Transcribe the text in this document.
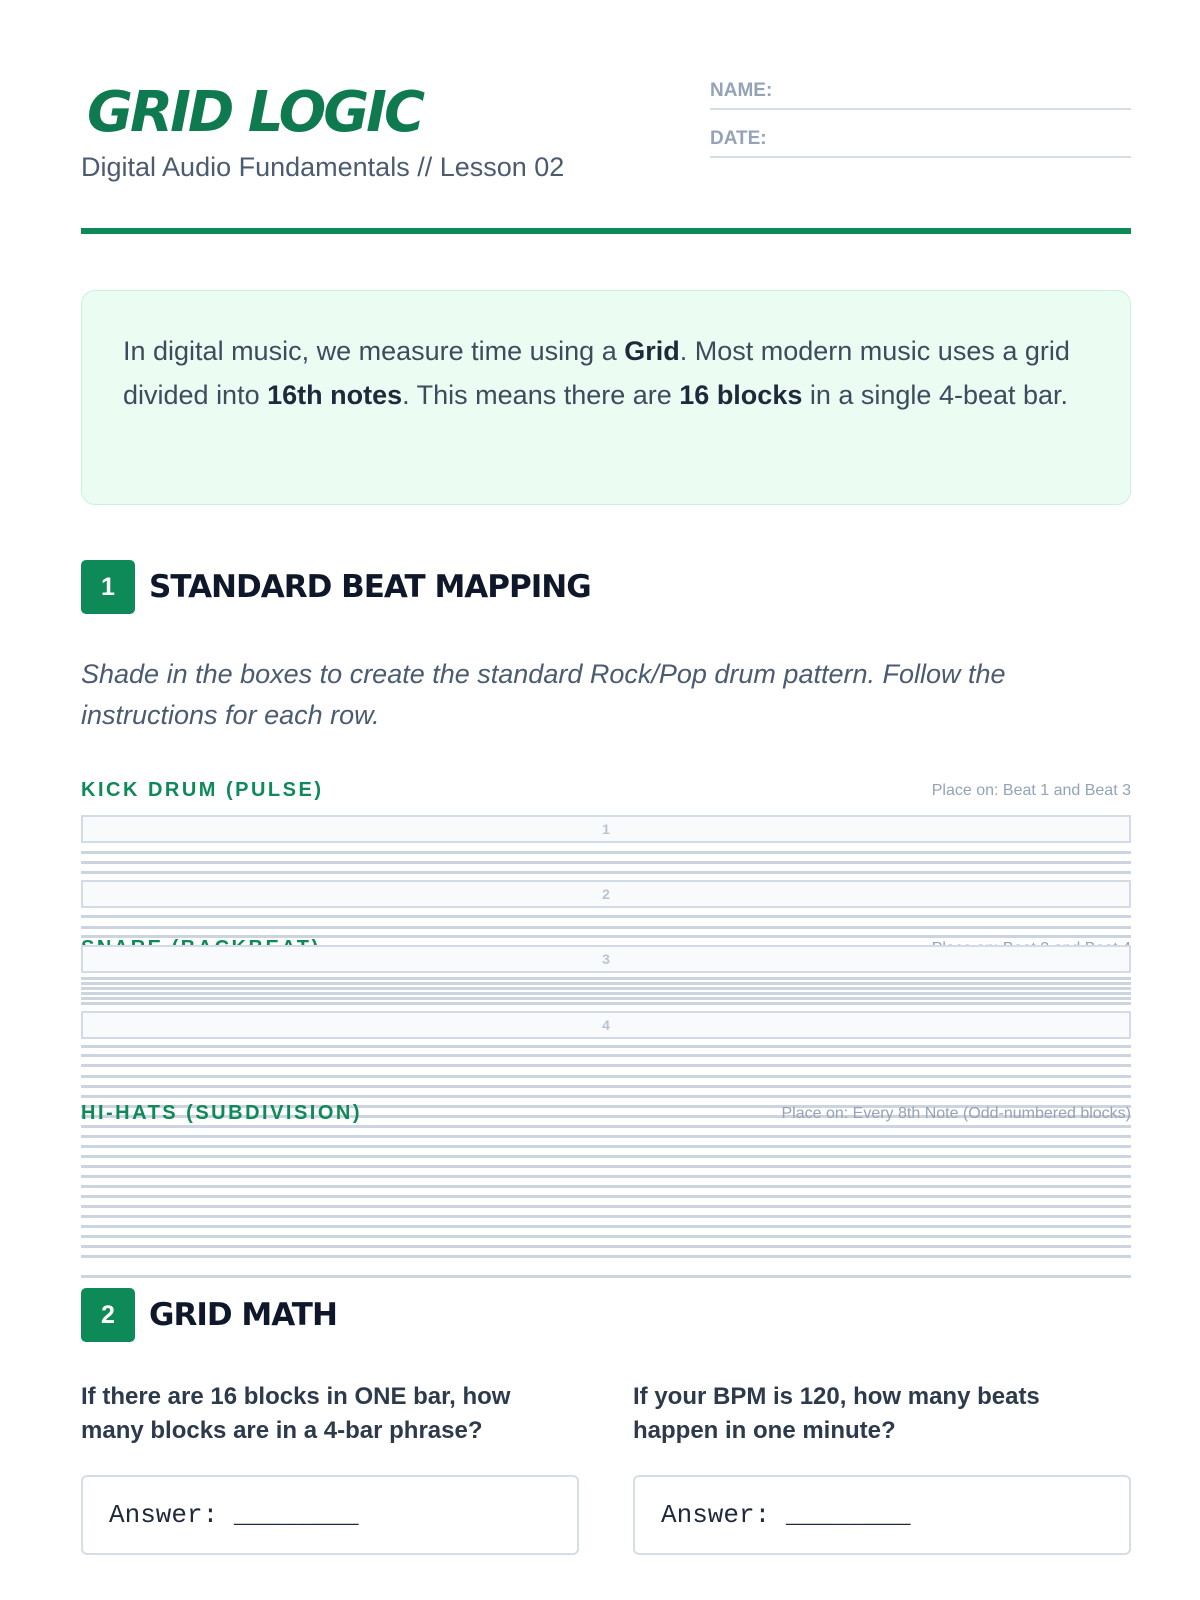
GRID LOGIC
Digital Audio Fundamentals // Lesson 02
NAME:
DATE:
In digital music, we measure time using a Grid. Most modern music uses a grid divided into 16th notes. This means there are 16 blocks in a single 4-beat bar.
1	STANDARD BEAT MAPPING
Shade in the boxes to create the standard Rock/Pop drum pattern. Follow the instructions for each row.
KICK DRUM (PULSE)	Place on: Beat 1 and Beat 3
1
2
3
4
HI-HATS (SUBDIVISION)	Place on: Every 8th Note (Odd-numbered blocks)
2	GRID MATH
If there are 16 blocks in ONE bar, how many blocks are in a 4-bar phrase?
If your BPM is 120, how many beats happen in one minute?
Answer: ________	Answer: ________
